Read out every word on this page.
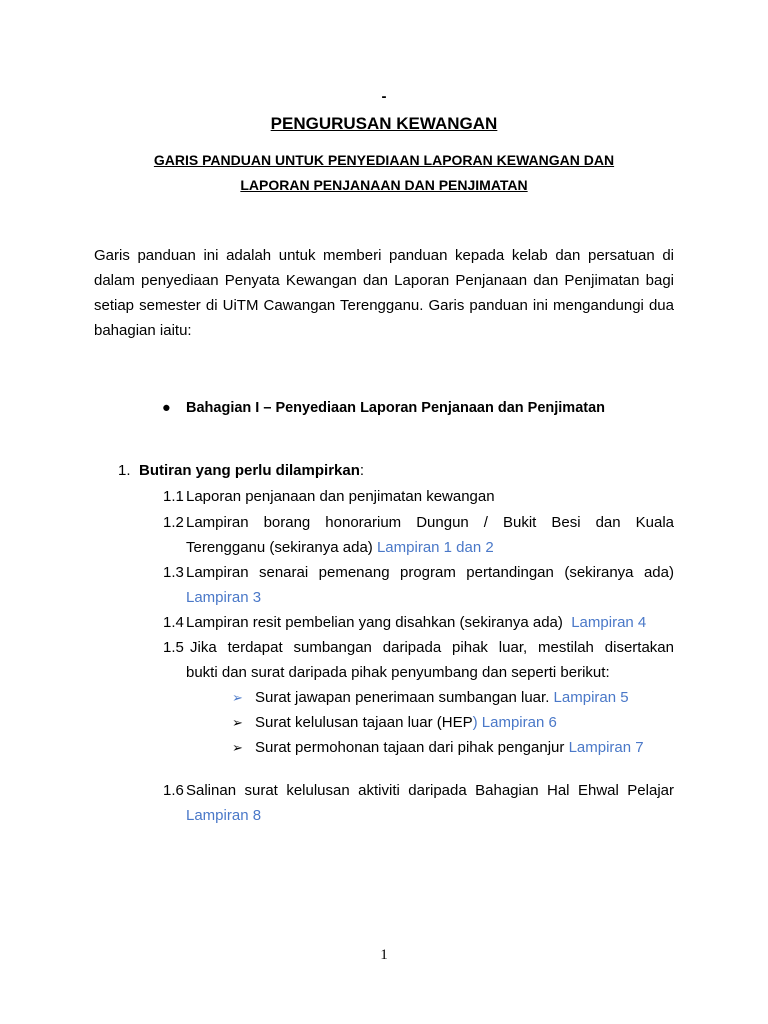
-
PENGURUSAN KEWANGAN
GARIS PANDUAN UNTUK PENYEDIAAN LAPORAN KEWANGAN DAN
LAPORAN PENJANAAN DAN PENJIMATAN
Garis panduan ini adalah untuk memberi panduan kepada kelab dan persatuan di dalam penyediaan Penyata Kewangan dan Laporan Penjanaan dan Penjimatan bagi setiap semester di UiTM Cawangan Terengganu. Garis panduan ini mengandungi dua bahagian iaitu:
● Bahagian I – Penyediaan Laporan Penjanaan dan Penjimatan
1. Butiran yang perlu dilampirkan:
1.1 Laporan penjanaan dan penjimatan kewangan
1.2 Lampiran borang honorarium Dungun / Bukit Besi dan Kuala
Terengganu (sekiranya ada) Lampiran 1 dan 2
1.3 Lampiran senarai pemenang program pertandingan (sekiranya ada)
Lampiran 3
1.4 Lampiran resit pembelian yang disahkan (sekiranya ada) Lampiran 4
1.5 Jika terdapat sumbangan daripada pihak luar, mestilah disertakan
bukti dan surat daripada pihak penyumbang dan seperti berikut:
➢ Surat jawapan penerimaan sumbangan luar. Lampiran 5
➢ Surat kelulusan tajaan luar (HEP) Lampiran 6
➢ Surat permohonan tajaan dari pihak penganjur Lampiran 7
1.6 Salinan surat kelulusan aktiviti daripada Bahagian Hal Ehwal Pelajar
Lampiran 8
1
